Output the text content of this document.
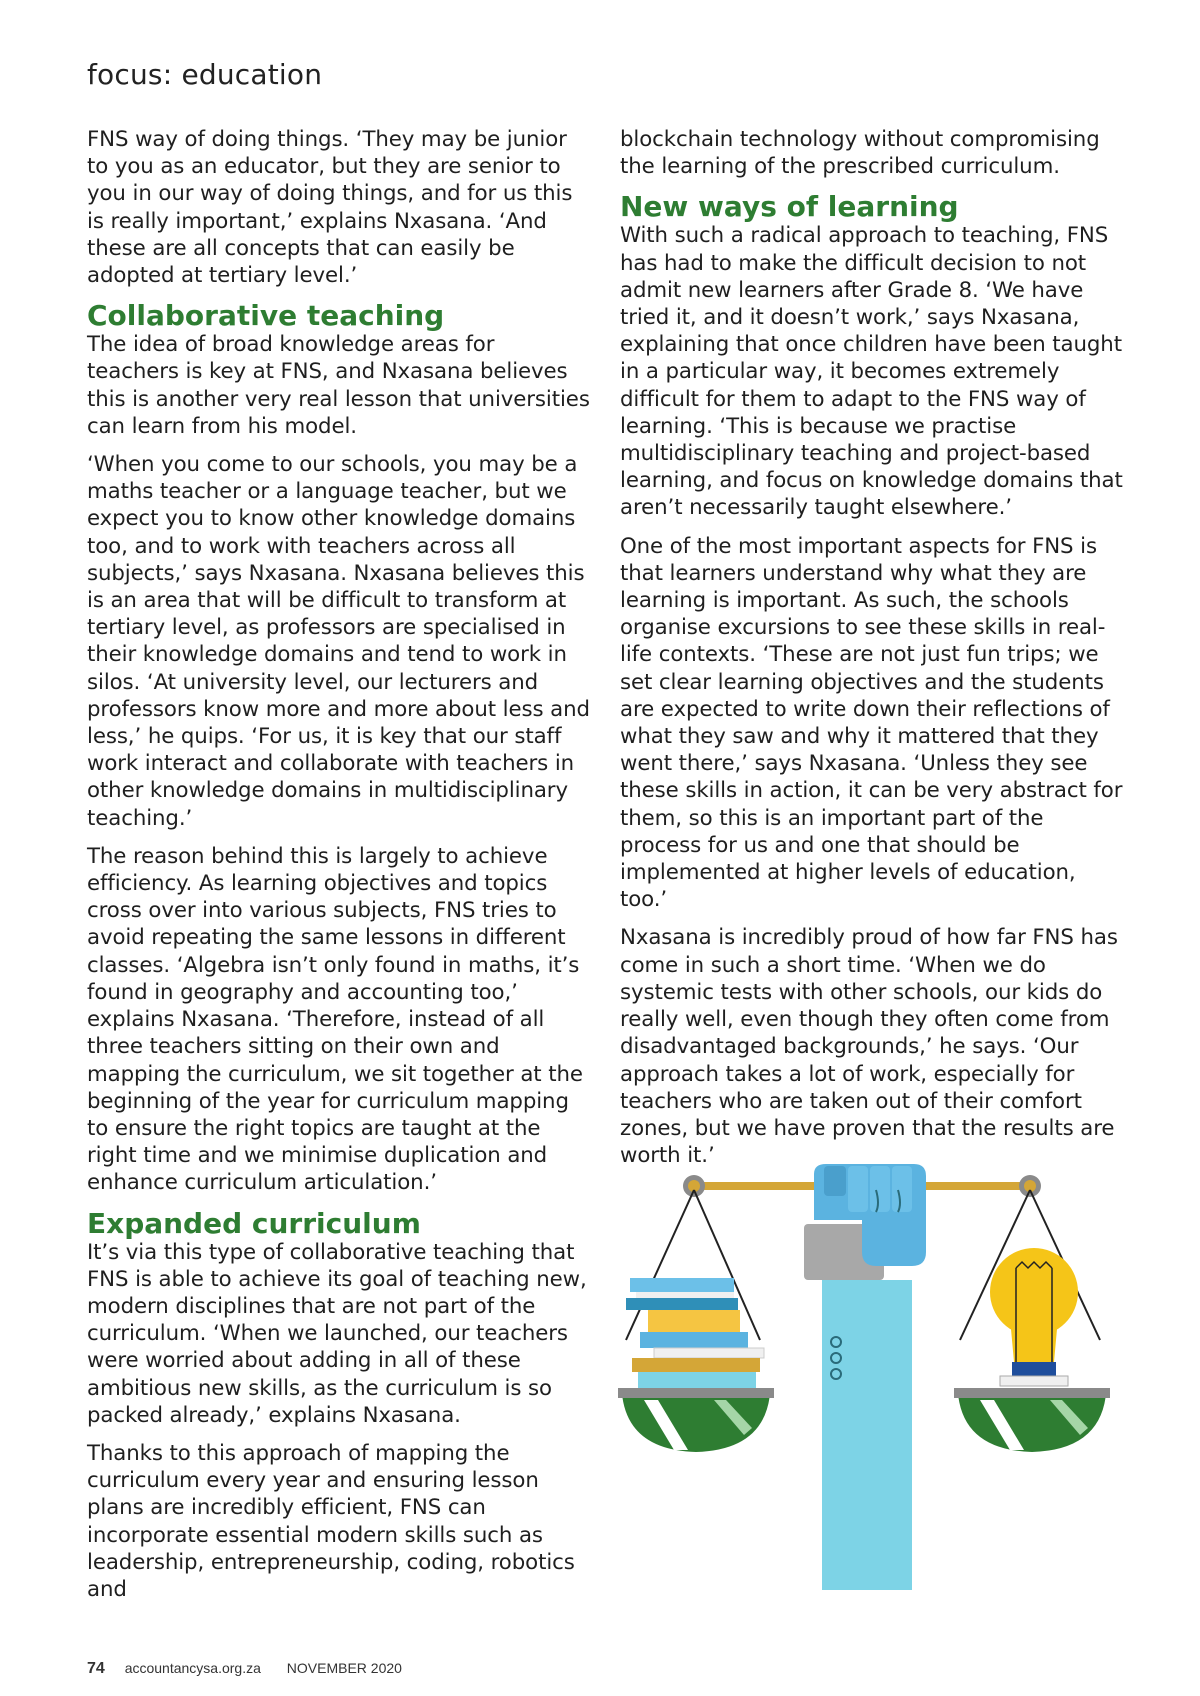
focus: education

FNS way of doing things. ‘They may be junior to you as an educator, but they are senior to you in our way of doing things, and for us this is really important,’ explains Nxasana. ‘And these are all concepts that can easily be adopted at tertiary level.’

Collaborative teaching

The idea of broad knowledge areas for teachers is key at FNS, and Nxasana believes this is another very real lesson that universities can learn from his model.

‘When you come to our schools, you may be a maths teacher or a language teacher, but we expect you to know other knowledge domains too, and to work with teachers across all subjects,’ says Nxasana. Nxasana believes this is an area that will be difficult to transform at tertiary level, as professors are specialised in their knowledge domains and tend to work in silos. ‘At university level, our lecturers and professors know more and more about less and less,’ he quips. ‘For us, it is key that our staff work interact and collaborate with teachers in other knowledge domains in multidisciplinary teaching.’

The reason behind this is largely to achieve efficiency. As learning objectives and topics cross over into various subjects, FNS tries to avoid repeating the same lessons in different classes. ‘Algebra isn’t only found in maths, it’s found in geography and accounting too,’ explains Nxasana. ‘Therefore, instead of all three teachers sitting on their own and mapping the curriculum, we sit together at the beginning of the year for curriculum mapping to ensure the right topics are taught at the right time and we minimise duplication and enhance curriculum articulation.’

Expanded curriculum

It’s via this type of collaborative teaching that FNS is able to achieve its goal of teaching new, modern disciplines that are not part of the curriculum. ‘When we launched, our teachers were worried about adding in all of these ambitious new skills, as the curriculum is so packed already,’ explains Nxasana.

Thanks to this approach of mapping the curriculum every year and ensuring lesson plans are incredibly efficient, FNS can incorporate essential modern skills such as leadership, entrepreneurship, coding, robotics and

blockchain technology without compromising the learning of the prescribed curriculum.

New ways of learning

With such a radical approach to teaching, FNS has had to make the difficult decision to not admit new learners after Grade 8. ‘We have tried it, and it doesn’t work,’ says Nxasana, explaining that once children have been taught in a particular way, it becomes extremely difficult for them to adapt to the FNS way of learning. ‘This is because we practise multidisciplinary teaching and project-based learning, and focus on knowledge domains that aren’t necessarily taught elsewhere.’

One of the most important aspects for FNS is that learners understand why what they are learning is important. As such, the schools organise excursions to see these skills in real-life contexts. ‘These are not just fun trips; we set clear learning objectives and the students are expected to write down their reflections of what they saw and why it mattered that they went there,’ says Nxasana. ‘Unless they see these skills in action, it can be very abstract for them, so this is an important part of the process for us and one that should be implemented at higher levels of education, too.’

Nxasana is incredibly proud of how far FNS has come in such a short time. ‘When we do systemic tests with other schools, our kids do really well, even though they often come from disadvantaged backgrounds,’ he says. ‘Our approach takes a lot of work, especially for teachers who are taken out of their comfort zones, but we have proven that the results are worth it.’

74 accountancysa.org.za NOVEMBER 2020
